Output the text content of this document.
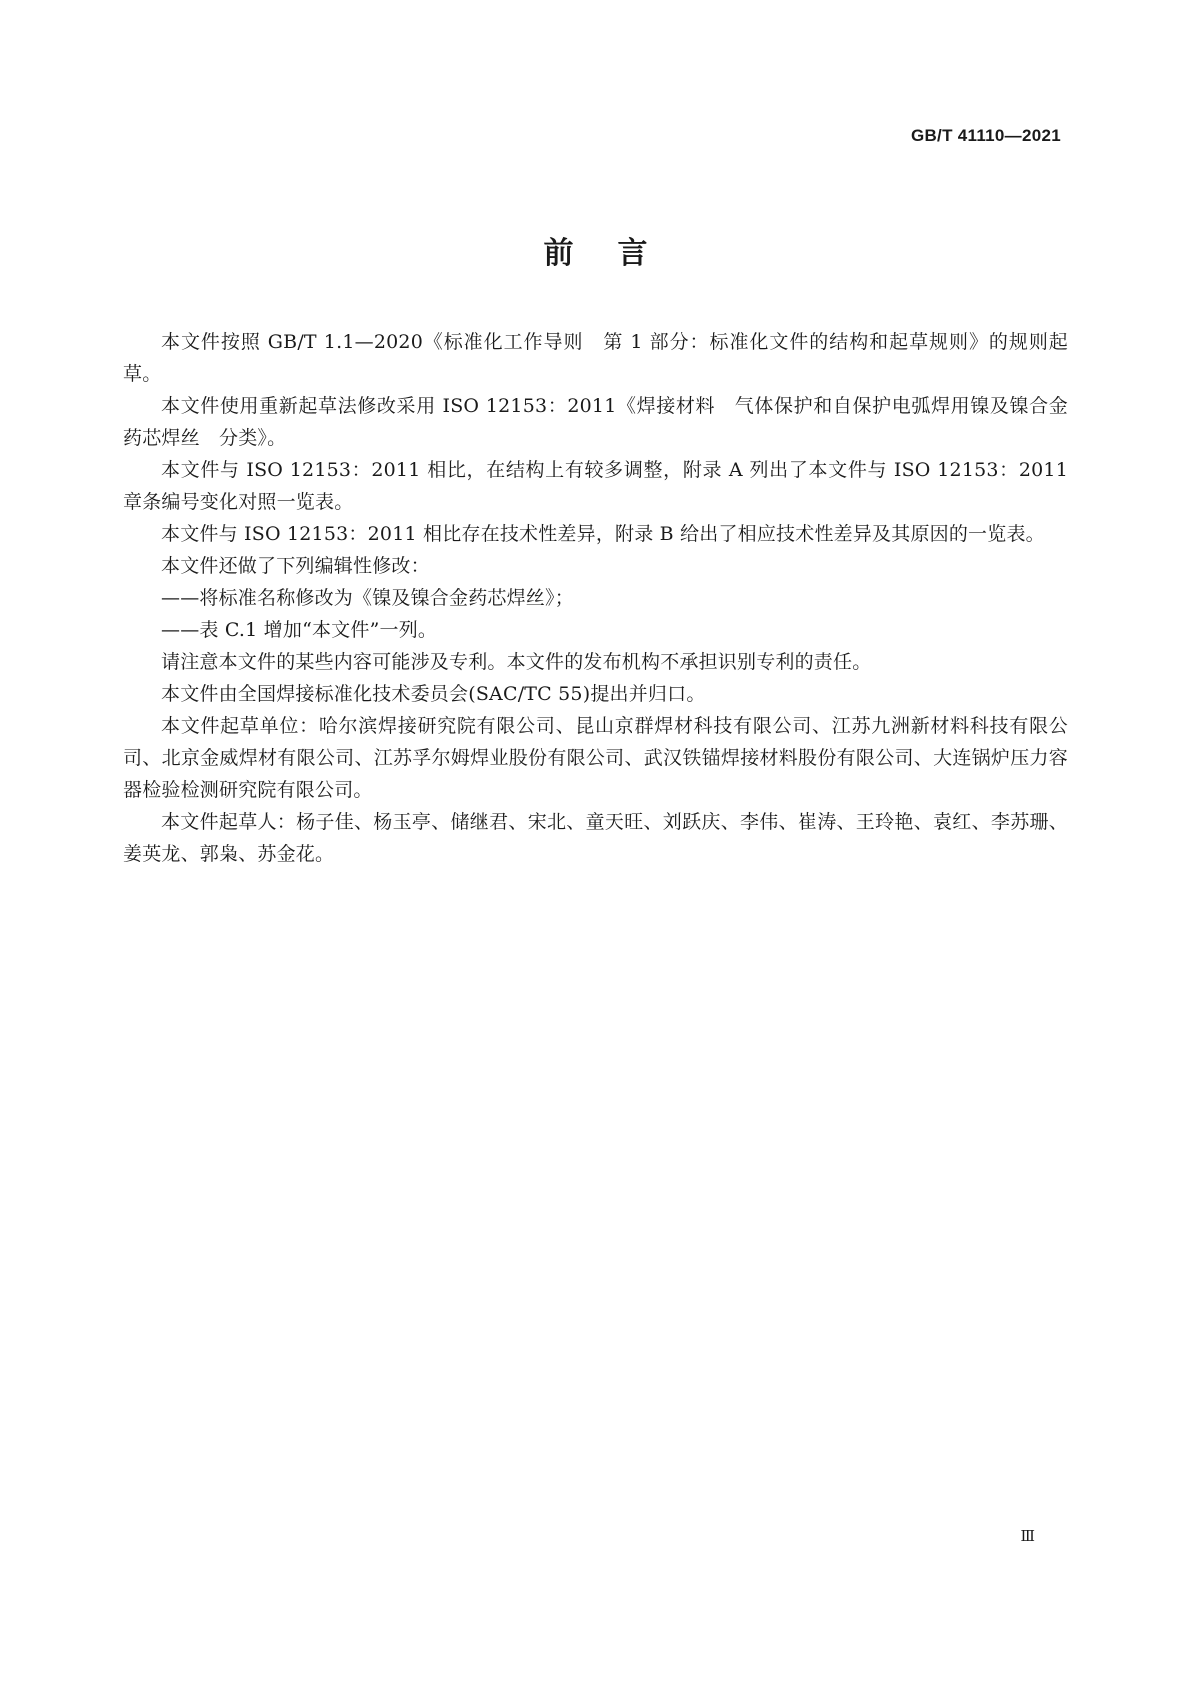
GB/T 41110—2021
前言

本文件按照 GB/T 1.1—2020《标准化工作导则　第 1 部分：标准化文件的结构和起草规则》的规则起草。

本文件使用重新起草法修改采用 ISO 12153：2011《焊接材料　气体保护和自保护电弧焊用镍及镍合金药芯焊丝　分类》。

本文件与 ISO 12153：2011 相比，在结构上有较多调整，附录 A 列出了本文件与 ISO 12153：2011 章条编号变化对照一览表。

本文件与 ISO 12153：2011 相比存在技术性差异，附录 B 给出了相应技术性差异及其原因的一览表。

本文件还做了下列编辑性修改：

——将标准名称修改为《镍及镍合金药芯焊丝》；

——表 C.1 增加“本文件”一列。

请注意本文件的某些内容可能涉及专利。本文件的发布机构不承担识别专利的责任。

本文件由全国焊接标准化技术委员会(SAC/TC 55)提出并归口。

本文件起草单位：哈尔滨焊接研究院有限公司、昆山京群焊材科技有限公司、江苏九洲新材料科技有限公司、北京金威焊材有限公司、江苏孚尔姆焊业股份有限公司、武汉铁锚焊接材料股份有限公司、大连锅炉压力容器检验检测研究院有限公司。

本文件起草人：杨子佳、杨玉亭、储继君、宋北、童天旺、刘跃庆、李伟、崔涛、王玲艳、袁红、李苏珊、姜英龙、郭枭、苏金花。

Ⅲ
